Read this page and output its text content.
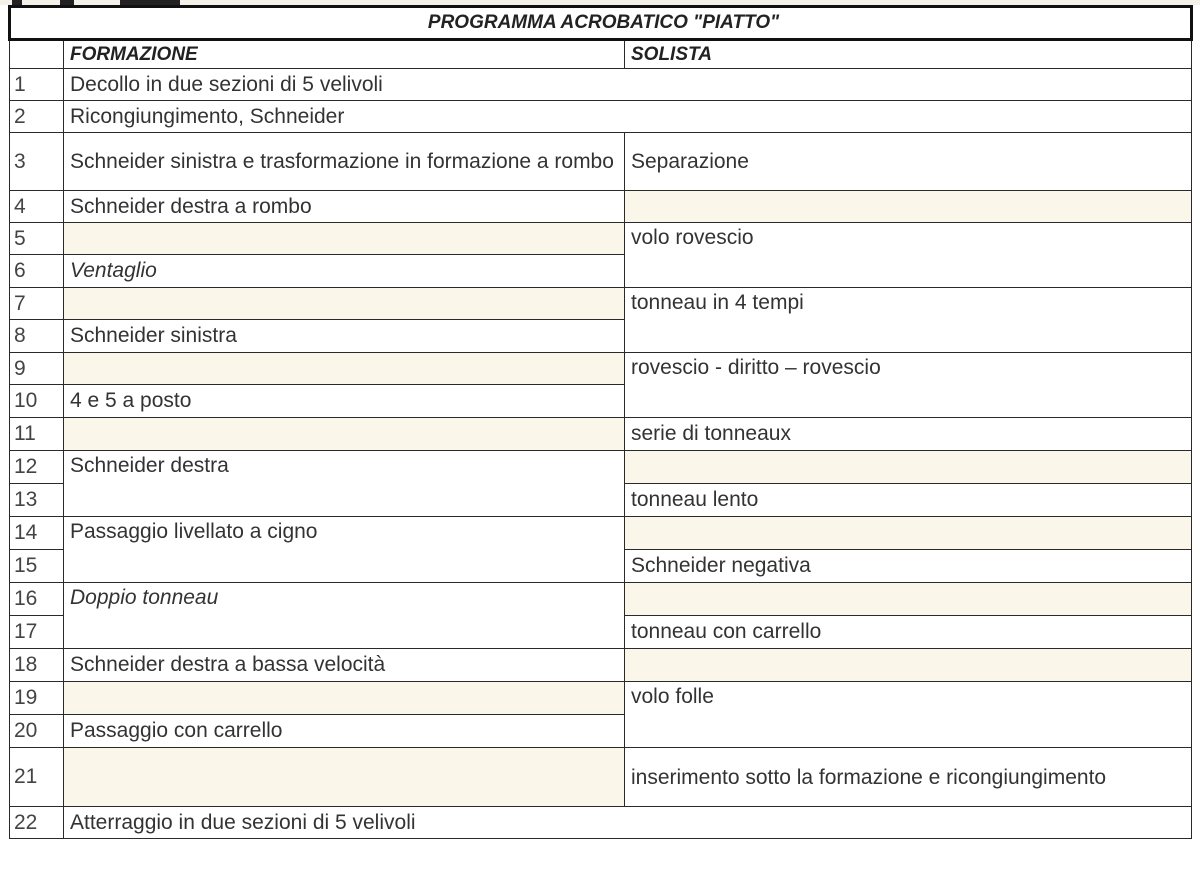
PROGRAMMA ACROBATICO "PIATTO"		
	FORMAZIONE	SOLISTA
1	Decollo in due sezioni di 5 velivoli	
2	Ricongiungimento, Schneider	
3	Schneider sinistra e trasformazione in formazione a rombo	Separazione
4	Schneider destra a rombo	
5		volo rovescio
6	Ventaglio	
7		tonneau in 4 tempi
8	Schneider sinistra	
9		rovescio - diritto – rovescio
10	4 e 5 a posto	
11		serie di tonneaux
12	Schneider destra	
13		tonneau lento
14	Passaggio livellato a cigno	
15		Schneider negativa
16	Doppio tonneau	
17		tonneau con carrello
18	Schneider destra a bassa velocità	
19		volo folle
20	Passaggio con carrello	
21		inserimento sotto la formazione e ricongiungimento
22	Atterraggio in due sezioni di 5 velivoli	
